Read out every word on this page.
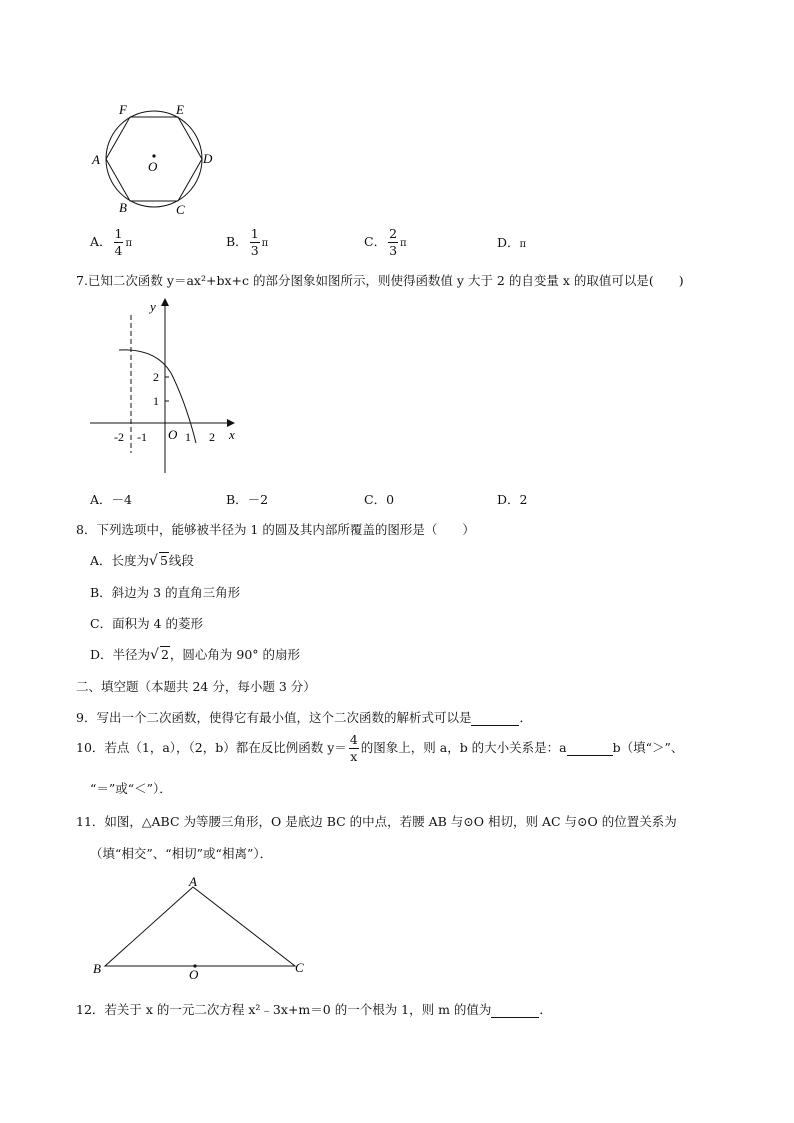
F	E
A	D
B	C
O
A． $\frac{1}{4}$ π	B． $\frac{1}{3}$ π	C． $\frac{2}{3}$ π	D．π
7.已知二次函数 y＝ax²+bx+c 的部分图象如图所示，则使得函数值 y 大于 2 的自变量 x 的取值可以是(　　)
y
x
O
-2 -1	1 2
1
2
A．－4	B．－2	C．0	D．2
8．下列选项中，能够被半径为 1 的圆及其内部所覆盖的图形是（　　）
A．长度为√ 5线段
B．斜边为 3 的直角三角形
C．面积为 4 的菱形
D．半径为√ 2，圆心角为 90° 的扇形
二、填空题（本题共 24 分，每小题 3 分）
9．写出一个二次函数，使得它有最小值，这个二次函数的解析式可以是	．
10．若点（1，a），（2，b）都在反比例函数 $y= \frac{4}{x}$ 的图象上，则 a，b 的大小关系是：a	b（填“＞”、
“＝”或“＜”）．
11．如图，△ABC 为等腰三角形，O 是底边 BC 的中点，若腰 AB 与⊙O 相切，则 AC 与⊙O 的位置关系为
（填“相交”、“相切”或“相离”）．
A
B	C
O
12．若关于 x 的一元二次方程 x²﹣3x+m＝0 的一个根为 1，则 m 的值为	．
